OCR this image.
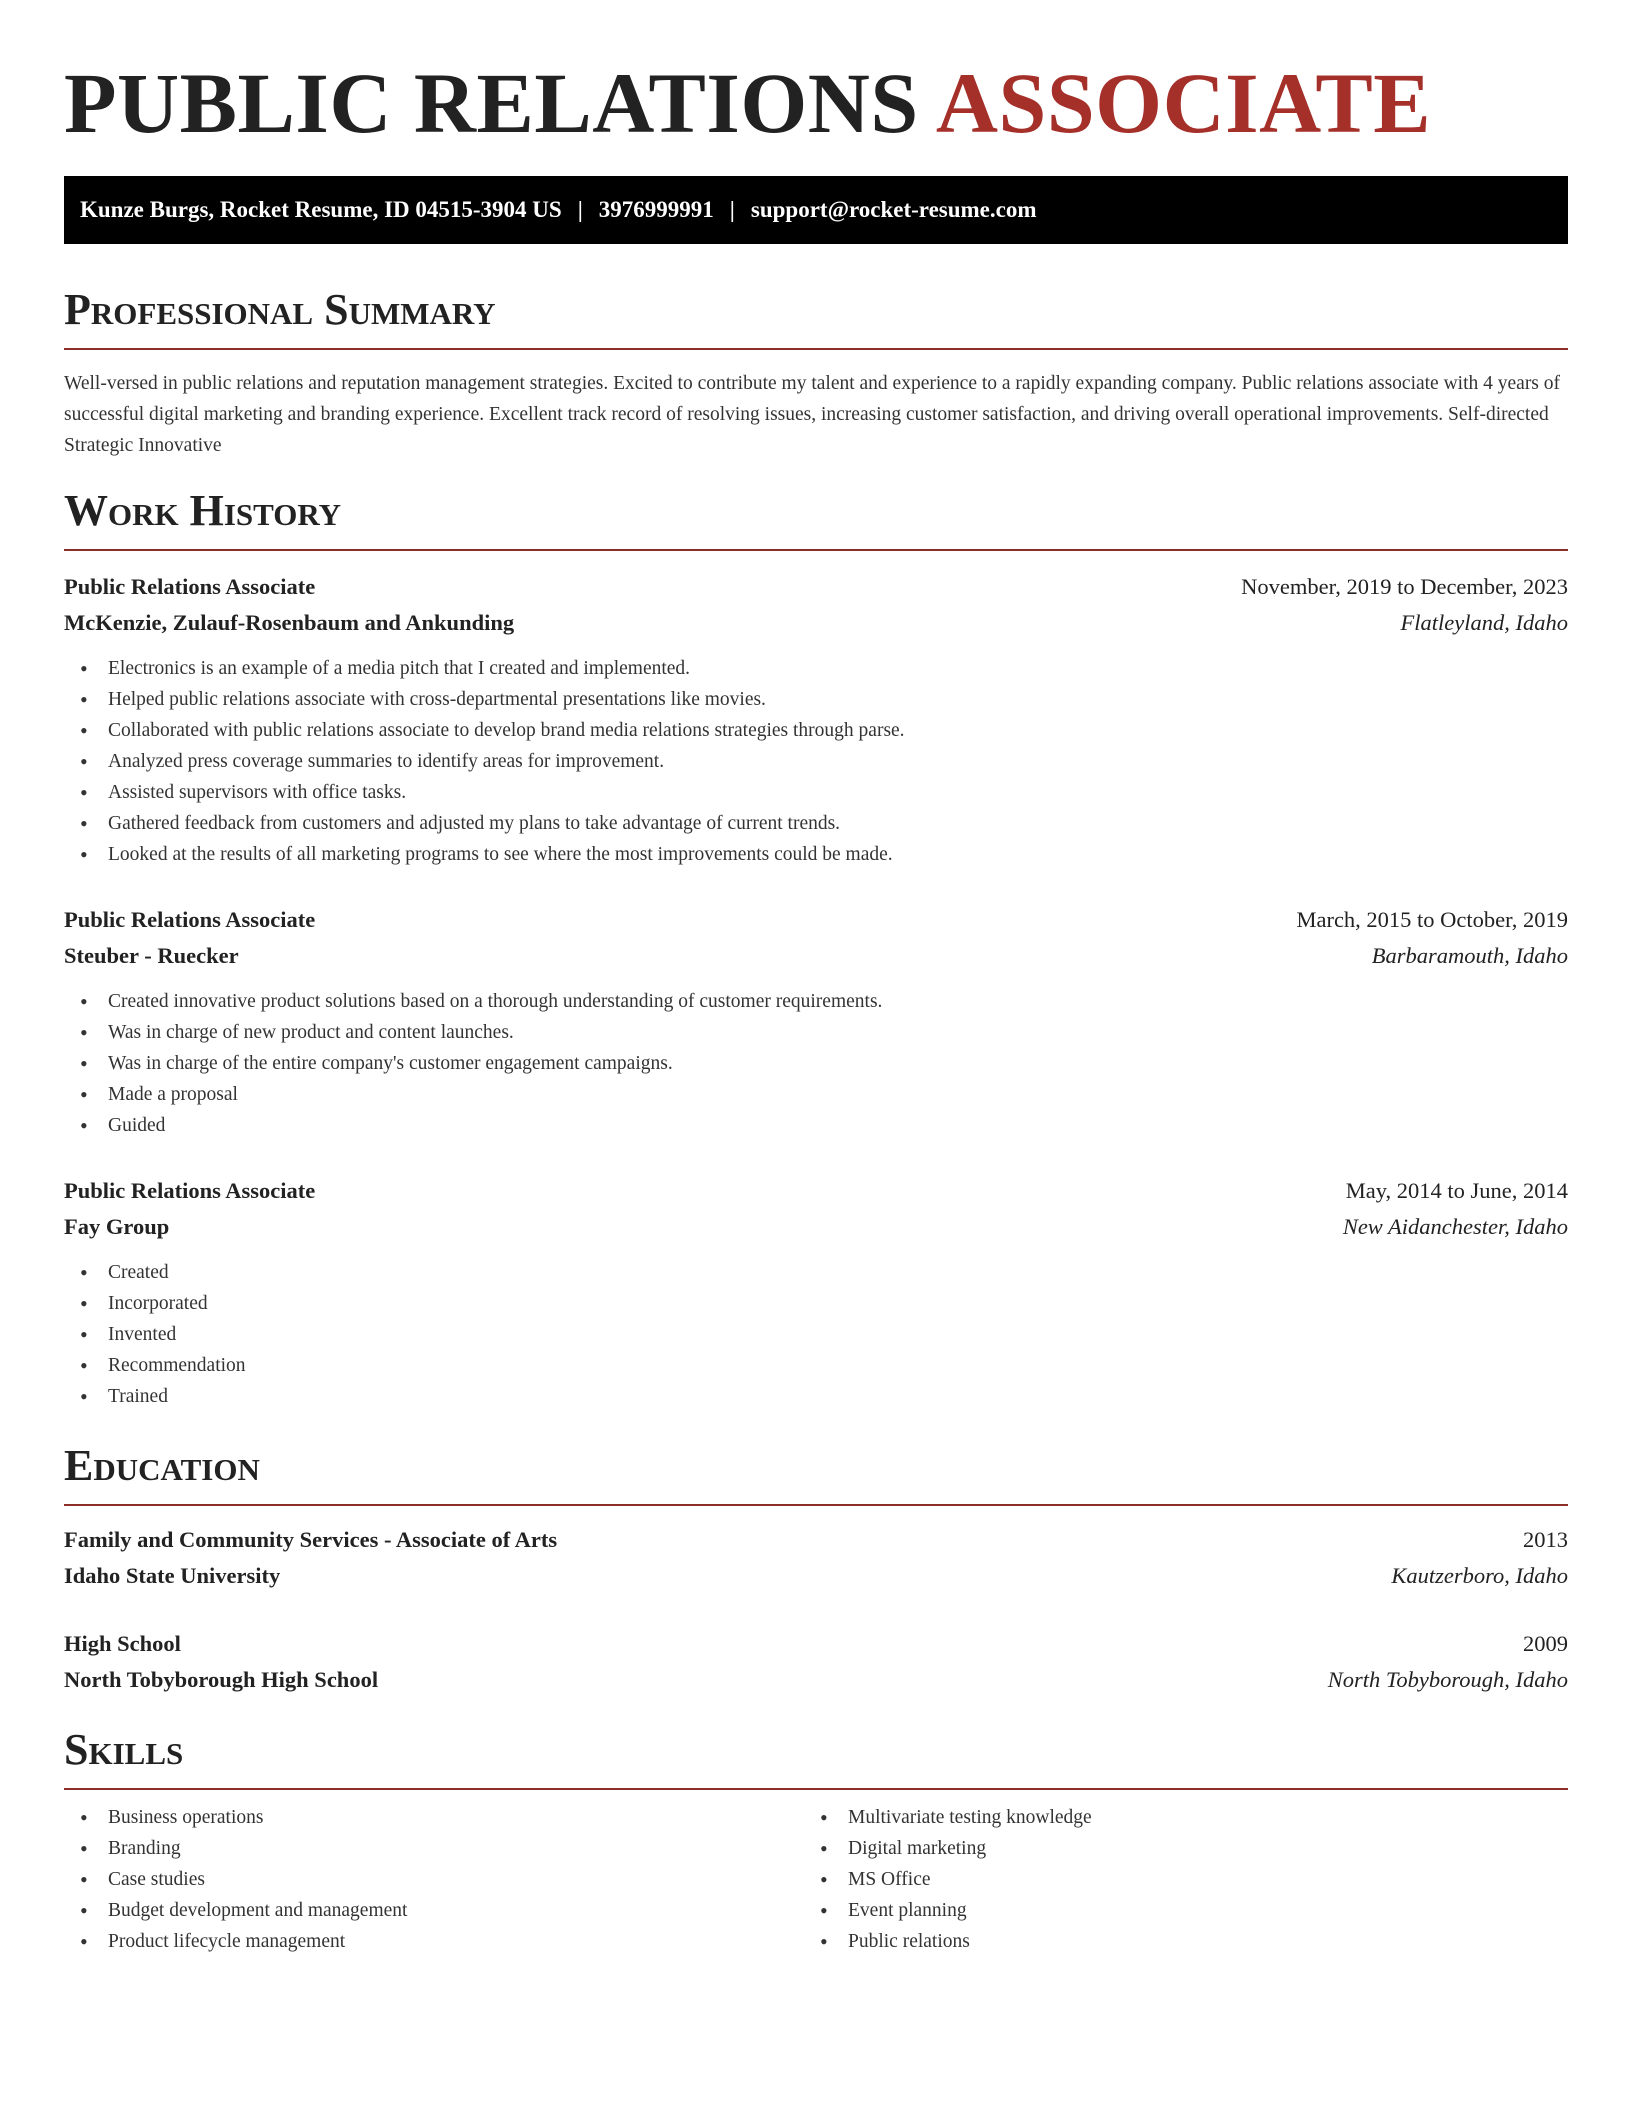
PUBLIC RELATIONS ASSOCIATE
Kunze Burgs, Rocket Resume, ID 04515-3904 US | 3976999991 | support@rocket-resume.com
Professional Summary

Well-versed in public relations and reputation management strategies. Excited to contribute my talent and experience to a rapidly expanding company. Public relations associate with 4 years of successful digital marketing and branding experience. Excellent track record of resolving issues, increasing customer satisfaction, and driving overall operational improvements. Self-directed Strategic Innovative

Work History
Public Relations Associate	November, 2019 to December, 2023
McKenzie, Zulauf-Rosenbaum and Ankunding	Flatleyland, Idaho
• Electronics is an example of a media pitch that I created and implemented.
• Helped public relations associate with cross-departmental presentations like movies.
• Collaborated with public relations associate to develop brand media relations strategies through parse.
• Analyzed press coverage summaries to identify areas for improvement.
• Assisted supervisors with office tasks.
• Gathered feedback from customers and adjusted my plans to take advantage of current trends.
• Looked at the results of all marketing programs to see where the most improvements could be made.
Public Relations Associate	March, 2015 to October, 2019
Steuber - Ruecker	Barbaramouth, Idaho
• Created innovative product solutions based on a thorough understanding of customer requirements.
• Was in charge of new product and content launches.
• Was in charge of the entire company's customer engagement campaigns.
• Made a proposal
• Guided
Public Relations Associate	May, 2014 to June, 2014
Fay Group	New Aidanchester, Idaho
• Created
• Incorporated
• Invented
• Recommendation
• Trained
Education
Family and Community Services - Associate of Arts	2013
Idaho State University	Kautzerboro, Idaho
High School	2009
North Tobyborough High School	North Tobyborough, Idaho
Skills
• Business operations
• Branding
• Case studies
• Budget development and management
• Product lifecycle management
• Multivariate testing knowledge
• Digital marketing
• MS Office
• Event planning
• Public relations
